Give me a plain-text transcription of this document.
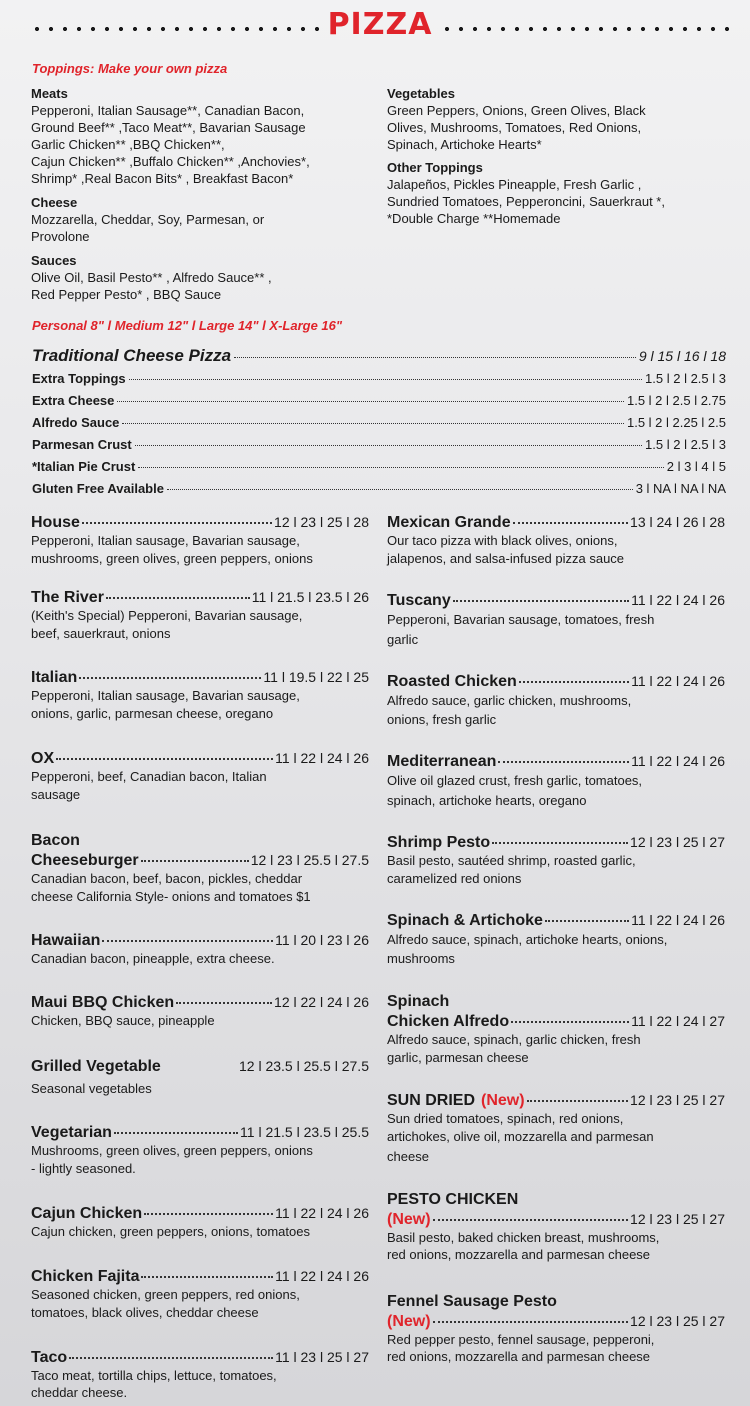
PIZZA
Toppings: Make your own pizza
Meats
Pepperoni, Italian Sausage**, Canadian Bacon,
Ground Beef** ,Taco Meat**, Bavarian Sausage
Garlic Chicken** ,BBQ Chicken**,
Cajun Chicken** ,Buffalo Chicken** ,Anchovies*,
Shrimp* ,Real Bacon Bits* , Breakfast Bacon*
Cheese
Mozzarella, Cheddar, Soy, Parmesan, or
Provolone
Sauces
Olive Oil, Basil Pesto** , Alfredo Sauce** ,
Red Pepper Pesto* , BBQ Sauce
Vegetables
Green Peppers, Onions, Green Olives, Black
Olives, Mushrooms, Tomatoes, Red Onions,
Spinach, Artichoke Hearts*
Other Toppings
Jalapeños, Pickles Pineapple, Fresh Garlic ,
Sundried Tomatoes, Pepperoncini, Sauerkraut *,
*Double Charge **Homemade
Personal 8" l Medium 12" l Large 14" l X-Large 16"
Traditional Cheese Pizza	9 l 15 l 16 l 18
Extra Toppings	1.5 l 2 l 2.5 l 3
Extra Cheese	1.5 l 2 l 2.5 l 2.75
Alfredo Sauce	1.5 l 2 l 2.25 l 2.5
Parmesan Crust	1.5 l 2 l 2.5 l 3
*Italian Pie Crust	2 l 3 l 4 l 5
Gluten Free Available	3 l NA l NA l NA
House	12 l 23 l 25 l 28
Pepperoni, Italian sausage, Bavarian sausage,
mushrooms, green olives, green peppers, onions
The River	11 l 21.5 l 23.5 l 26
(Keith's Special) Pepperoni, Bavarian sausage,
beef, sauerkraut, onions
Italian	11 l 19.5 l 22 l 25
Pepperoni, Italian sausage, Bavarian sausage,
onions, garlic, parmesan cheese, oregano
OX	11 l 22 l 24 l 26
Pepperoni, beef, Canadian bacon, Italian
sausage
Bacon
Cheeseburger	12 l 23 l 25.5 l 27.5
Canadian bacon, beef, bacon, pickles, cheddar
cheese California Style- onions and tomatoes $1
Hawaiian	11 l 20 l 23 l 26
Canadian bacon, pineapple, extra cheese.
Maui BBQ Chicken	12 l 22 l 24 l 26
Chicken, BBQ sauce, pineapple
Grilled Vegetable	12 l 23.5 l 25.5 l 27.5
Seasonal vegetables
Vegetarian	11 l 21.5 l 23.5 l 25.5
Mushrooms, green olives, green peppers, onions
- lightly seasoned.
Cajun Chicken	11 l 22 l 24 l 26
Cajun chicken, green peppers, onions, tomatoes
Chicken Fajita	11 l 22 l 24 l 26
Seasoned chicken, green peppers, red onions,
tomatoes, black olives, cheddar cheese
Taco	11 l 23 l 25 l 27
Taco meat, tortilla chips, lettuce, tomatoes,
cheddar cheese.
Mexican Grande	13 l 24 l 26 l 28
Our taco pizza with black olives, onions,
jalapenos, and salsa-infused pizza sauce
Tuscany	11 l 22 l 24 l 26
Pepperoni, Bavarian sausage, tomatoes, fresh
garlic
Roasted Chicken	11 l 22 l 24 l 26
Alfredo sauce, garlic chicken, mushrooms,
onions, fresh garlic
Mediterranean	11 l 22 l 24 l 26
Olive oil glazed crust, fresh garlic, tomatoes,
spinach, artichoke hearts, oregano
Shrimp Pesto	12 l 23 l 25 l 27
Basil pesto, sautéed shrimp, roasted garlic,
caramelized red onions
Spinach & Artichoke	11 l 22 l 24 l 26
Alfredo sauce, spinach, artichoke hearts, onions,
mushrooms
Spinach
Chicken Alfredo	11 l 22 l 24 l 27
Alfredo sauce, spinach, garlic chicken, fresh
garlic, parmesan cheese
SUN DRIED (New)	12 l 23 l 25 l 27
Sun dried tomatoes, spinach, red onions,
artichokes, olive oil, mozzarella and parmesan
cheese
PESTO CHICKEN
(New)	12 l 23 l 25 l 27
Basil pesto, baked chicken breast, mushrooms,
red onions, mozzarella and parmesan cheese
Fennel Sausage Pesto
(New)	12 l 23 l 25 l 27
Red pepper pesto, fennel sausage, pepperoni,
red onions, mozzarella and parmesan cheese
